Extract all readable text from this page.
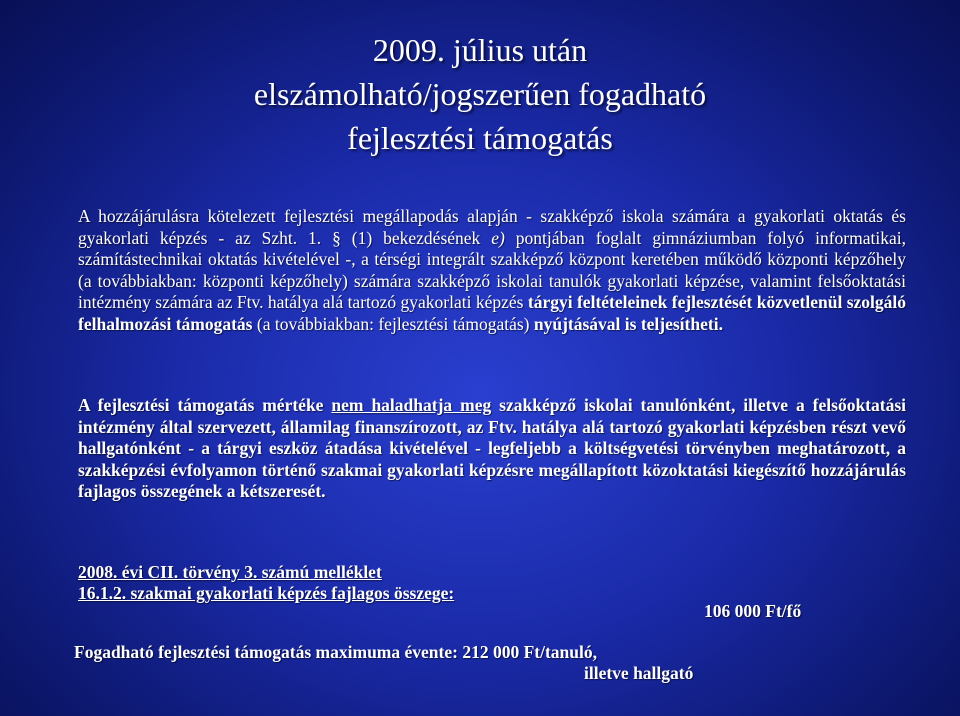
2009. július után
elszámolható/jogszerűen fogadható
fejlesztési támogatás

A hozzájárulásra kötelezett fejlesztési megállapodás alapján - szakképző iskola számára a gyakorlati oktatás és gyakorlati képzés - az Szht. 1. § (1) bekezdésének e) pontjában foglalt gimnáziumban folyó informatikai, számítástechnikai oktatás kivételével -, a térségi integrált szakképző központ keretében működő központi képzőhely (a továbbiakban: központi képzőhely) számára szakképző iskolai tanulók gyakorlati képzése, valamint felsőoktatási intézmény számára az Ftv. hatálya alá tartozó gyakorlati képzés tárgyi feltételeinek fejlesztését közvetlenül szolgáló felhalmozási támogatás (a továbbiakban: fejlesztési támogatás) nyújtásával is teljesítheti.

A fejlesztési támogatás mértéke nem haladhatja meg szakképző iskolai tanulónként, illetve a felsőoktatási intézmény által szervezett, államilag finanszírozott, az Ftv. hatálya alá tartozó gyakorlati képzésben részt vevő hallgatónként - a tárgyi eszköz átadása kivételével - legfeljebb a költségvetési törvényben meghatározott, a szakképzési évfolyamon történő szakmai gyakorlati képzésre megállapított közoktatási kiegészítő hozzájárulás fajlagos összegének a kétszeresét.

2008. évi CII. törvény 3. számú melléklet
16.1.2. szakmai gyakorlati képzés fajlagos összege:
106 000 Ft/fő
Fogadható fejlesztési támogatás maximuma évente: 212 000 Ft/tanuló,
illetve hallgató
